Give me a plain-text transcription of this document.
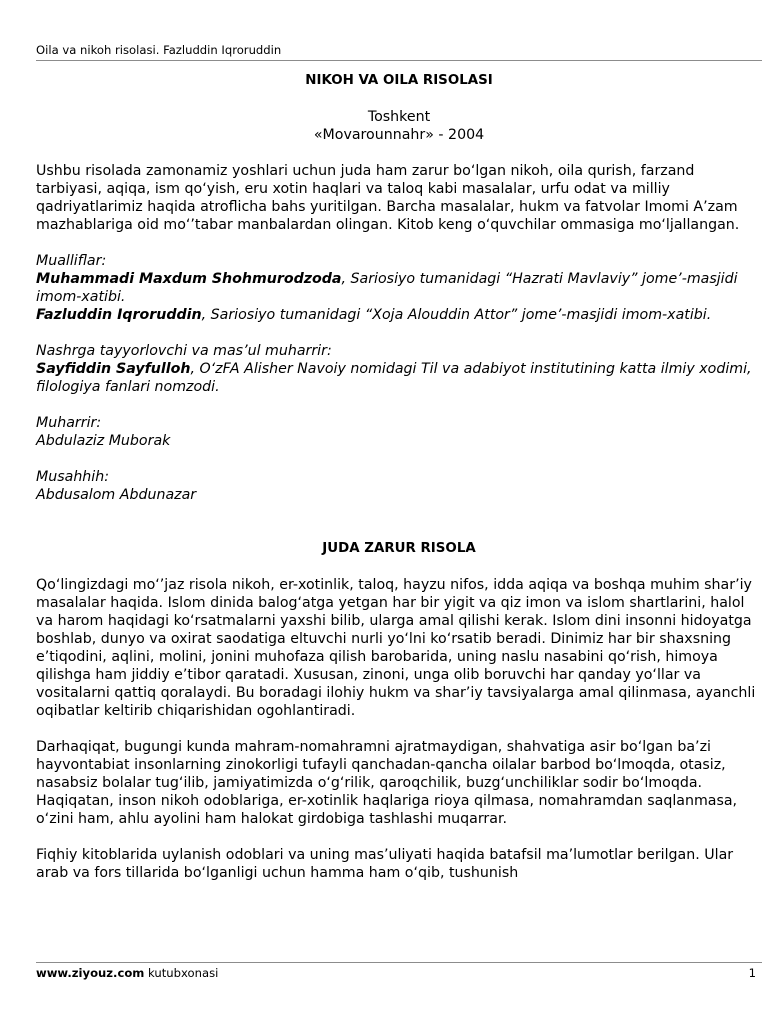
Oila va nikoh risolasi. Fazluddin Iqroruddin

NIKOH VA OILA RISOLASI

Toshkent

«Movarounnahr» - 2004

Ushbu risolada zamonamiz yoshlari uchun juda ham zarur bo‘lgan nikoh, oila qurish, farzand tarbiyasi, aqiqa, ism qo‘yish, eru xotin haqlari va taloq kabi masalalar, urfu odat va milliy qadriyatlarimiz haqida atroflicha bahs yuritilgan. Barcha masalalar, hukm va fatvolar Imomi A’zam mazhablariga oid mo‘’tabar manbalardan olingan. Kitob keng o‘quvchilar ommasiga mo‘ljallangan.

Mualliflar:

Muhammadi Maxdum Shohmurodzoda, Sariosiyo tumanidagi “Hazrati Mavlaviy” jome’-masjidi imom-xatibi.

Fazluddin Iqroruddin, Sariosiyo tumanidagi “Xoja Alouddin Attor” jome’-masjidi imom-xatibi.

Nashrga tayyorlovchi va mas’ul muharrir:

Sayfiddin Sayfulloh, O‘zFA Alisher Navoiy nomidagi Til va adabiyot institutining katta ilmiy xodimi, filologiya fanlari nomzodi.

Muharrir:

Abdulaziz Muborak

Musahhih:

Abdusalom Abdunazar

JUDA ZARUR RISOLA

Qo‘lingizdagi mo‘’jaz risola nikoh, er-xotinlik, taloq, hayzu nifos, idda aqiqa va boshqa muhim shar’iy masalalar haqida. Islom dinida balog‘atga yetgan har bir yigit va qiz imon va islom shartlarini, halol va harom haqidagi ko‘rsatmalarni yaxshi bilib, ularga amal qilishi kerak. Islom dini insonni hidoyatga boshlab, dunyo va oxirat saodatiga eltuvchi nurli yo‘lni ko‘rsatib beradi. Dinimiz har bir shaxsning e’tiqodini, aqlini, molini, jonini muhofaza qilish barobarida, uning naslu nasabini qo‘rish, himoya qilishga ham jiddiy e’tibor qaratadi. Xususan, zinoni, unga olib boruvchi har qanday yo‘llar va vositalarni qattiq qoralaydi. Bu boradagi ilohiy hukm va shar’iy tavsiyalarga amal qilinmasa, ayanchli oqibatlar keltirib chiqarishidan ogohlantiradi.

Darhaqiqat, bugungi kunda mahram-nomahramni ajratmaydigan, shahvatiga asir bo‘lgan ba’zi hayvontabiat insonlarning zinokorligi tufayli qanchadan-qancha oilalar barbod bo‘lmoqda, otasiz, nasabsiz bolalar tug‘ilib, jamiyatimizda o‘g‘rilik, qaroqchilik, buzg‘unchiliklar sodir bo‘lmoqda. Haqiqatan, inson nikoh odoblariga, er-xotinlik haqlariga rioya qilmasa, nomahramdan saqlanmasa, o‘zini ham, ahlu ayolini ham halokat girdobiga tashlashi muqarrar.

Fiqhiy kitoblarida uylanish odoblari va uning mas’uliyati haqida batafsil ma’lumotlar berilgan. Ular arab va fors tillarida bo‘lganligi uchun hamma ham o‘qib, tushunish

www.ziyouz.com kutubxonasi	1
